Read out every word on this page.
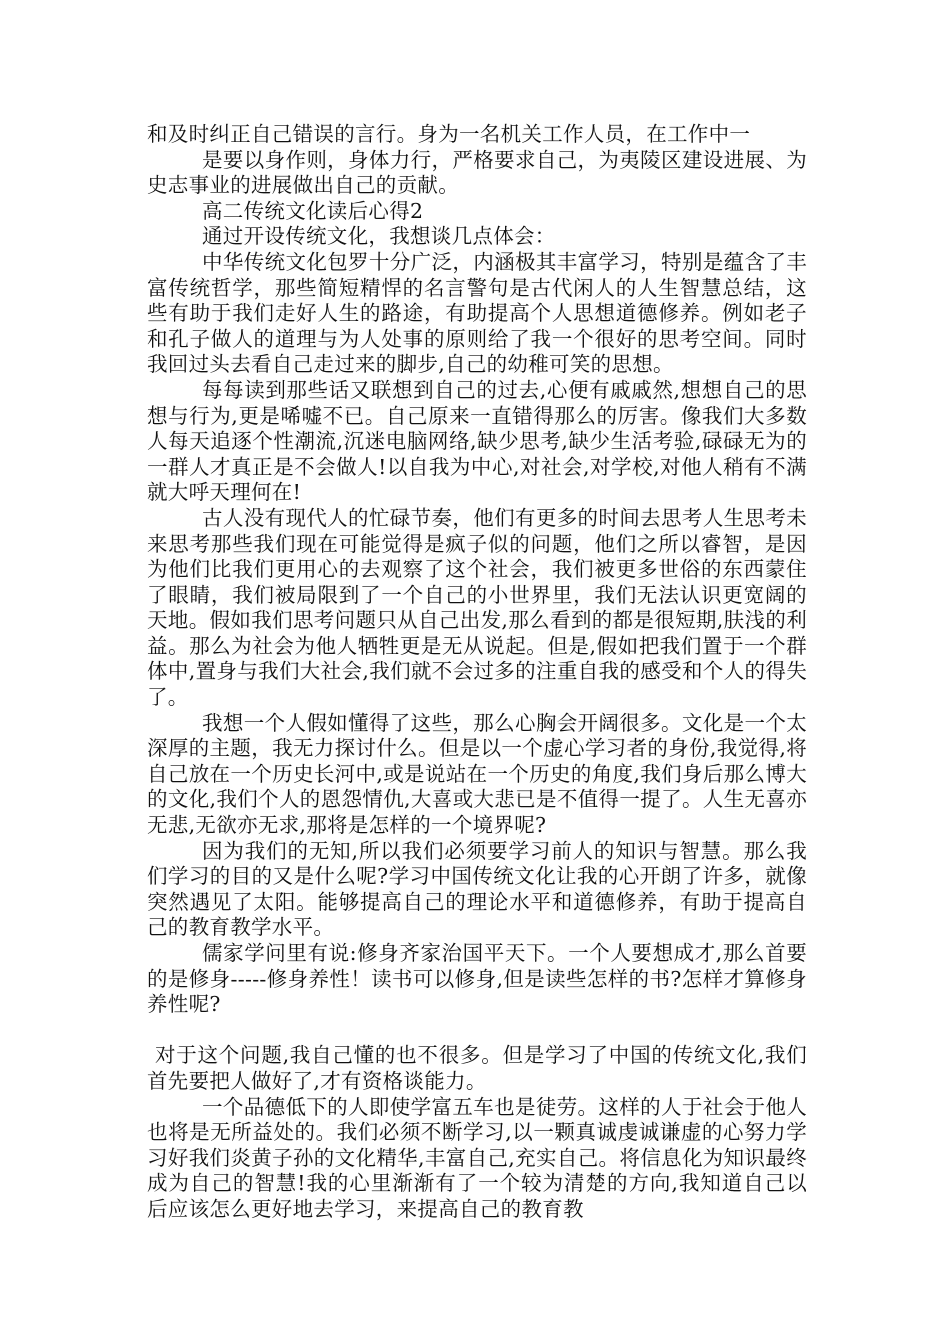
和及时纠正自己错误的言行。身为一名机关工作人员，在工作中一

是要以身作则，身体力行，严格要求自己，为夷陵区建设进展、为史志事业的进展做出自己的贡献。

高二传统文化读后心得2

通过开设传统文化，我想谈几点体会：

中华传统文化包罗十分广泛，内涵极其丰富学习，特别是蕴含了丰富传统哲学，那些简短精悍的名言警句是古代闲人的人生智慧总结，这些有助于我们走好人生的路途，有助提高个人思想道德修养。例如老子和孔子做人的道理与为人处事的原则给了我一个很好的思考空间。同时我回过头去看自己走过来的脚步,自己的幼稚可笑的思想。

每每读到那些话又联想到自己的过去,心便有戚戚然,想想自己的思想与行为,更是唏嘘不已。自己原来一直错得那么的厉害。像我们大多数人每天追逐个性潮流,沉迷电脑网络,缺少思考,缺少生活考验,碌碌无为的一群人才真正是不会做人!以自我为中心,对社会,对学校,对他人稍有不满就大呼天理何在!

古人没有现代人的忙碌节奏，他们有更多的时间去思考人生思考未来思考那些我们现在可能觉得是疯子似的问题，他们之所以睿智，是因为他们比我们更用心的去观察了这个社会，我们被更多世俗的东西蒙住了眼睛，我们被局限到了一个自己的小世界里，我们无法认识更宽阔的天地。假如我们思考问题只从自己出发,那么看到的都是很短期,肤浅的利益。那么为社会为他人牺牲更是无从说起。但是,假如把我们置于一个群体中,置身与我们大社会,我们就不会过多的注重自我的感受和个人的得失了。

我想一个人假如懂得了这些，那么心胸会开阔很多。文化是一个太深厚的主题，我无力探讨什么。但是以一个虚心学习者的身份,我觉得,将自己放在一个历史长河中,或是说站在一个历史的角度,我们身后那么博大的文化,我们个人的恩怨情仇,大喜或大悲已是不值得一提了。人生无喜亦无悲,无欲亦无求,那将是怎样的一个境界呢?

因为我们的无知,所以我们必须要学习前人的知识与智慧。那么我们学习的目的又是什么呢?学习中国传统文化让我的心开朗了许多，就像突然遇见了太阳。能够提高自己的理论水平和道德修养，有助于提高自己的教育教学水平。

儒家学问里有说:修身齐家治国平天下。一个人要想成才,那么首要的是修身-----修身养性！读书可以修身,但是读些怎样的书?怎样才算修身养性呢?

对于这个问题,我自己懂的也不很多。但是学习了中国的传统文化,我们首先要把人做好了,才有资格谈能力。

一个品德低下的人即使学富五车也是徒劳。这样的人于社会于他人也将是无所益处的。我们必须不断学习,以一颗真诚虔诚谦虚的心努力学习好我们炎黄子孙的文化精华,丰富自己,充实自己。将信息化为知识最终成为自己的智慧!我的心里渐渐有了一个较为清楚的方向,我知道自己以后应该怎么更好地去学习，来提高自己的教育教
